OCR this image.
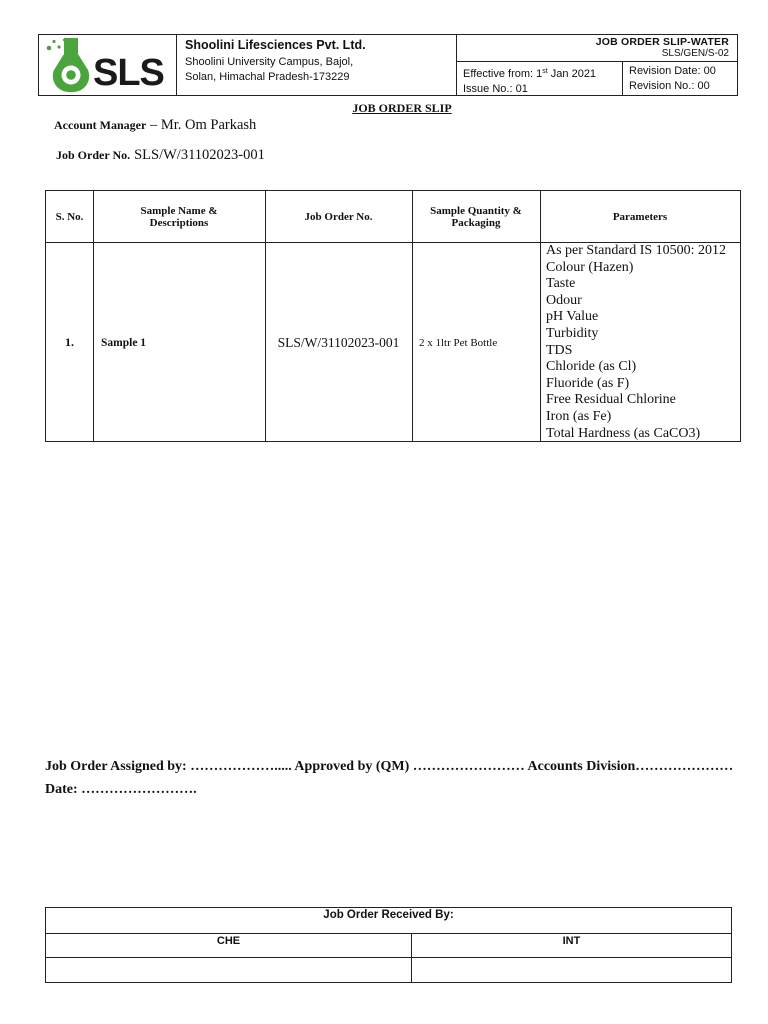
SLS
Shoolini Lifesciences Pvt. Ltd.
Shoolini University Campus, Bajol,
Solan, Himachal Pradesh-173229
JOB ORDER SLIP-WATER
SLS/GEN/S-02
Effective from: 1st Jan 2021
Issue No.: 01
Revision Date: 00
Revision No.: 00
JOB ORDER SLIP
Account Manager – Mr. Om Parkash
Job Order No. SLS/W/31102023-001
S. No.	Sample Name & Descriptions	Job Order No.	Sample Quantity & Packaging	Parameters
1.	Sample 1	SLS/W/31102023-001	2 x 1ltr Pet Bottle
As per Standard IS 10500: 2012
Colour (Hazen)
Taste
Odour
pH Value
Turbidity
TDS
Chloride (as Cl)
Fluoride (as F)
Free Residual Chlorine
Iron (as Fe)
Total Hardness (as CaCO3)
Job Order Assigned by: ………………..... Approved by (QM) …………………… Accounts Division…………………
Date: …………………….
Job Order Received By:
CHE	INT
